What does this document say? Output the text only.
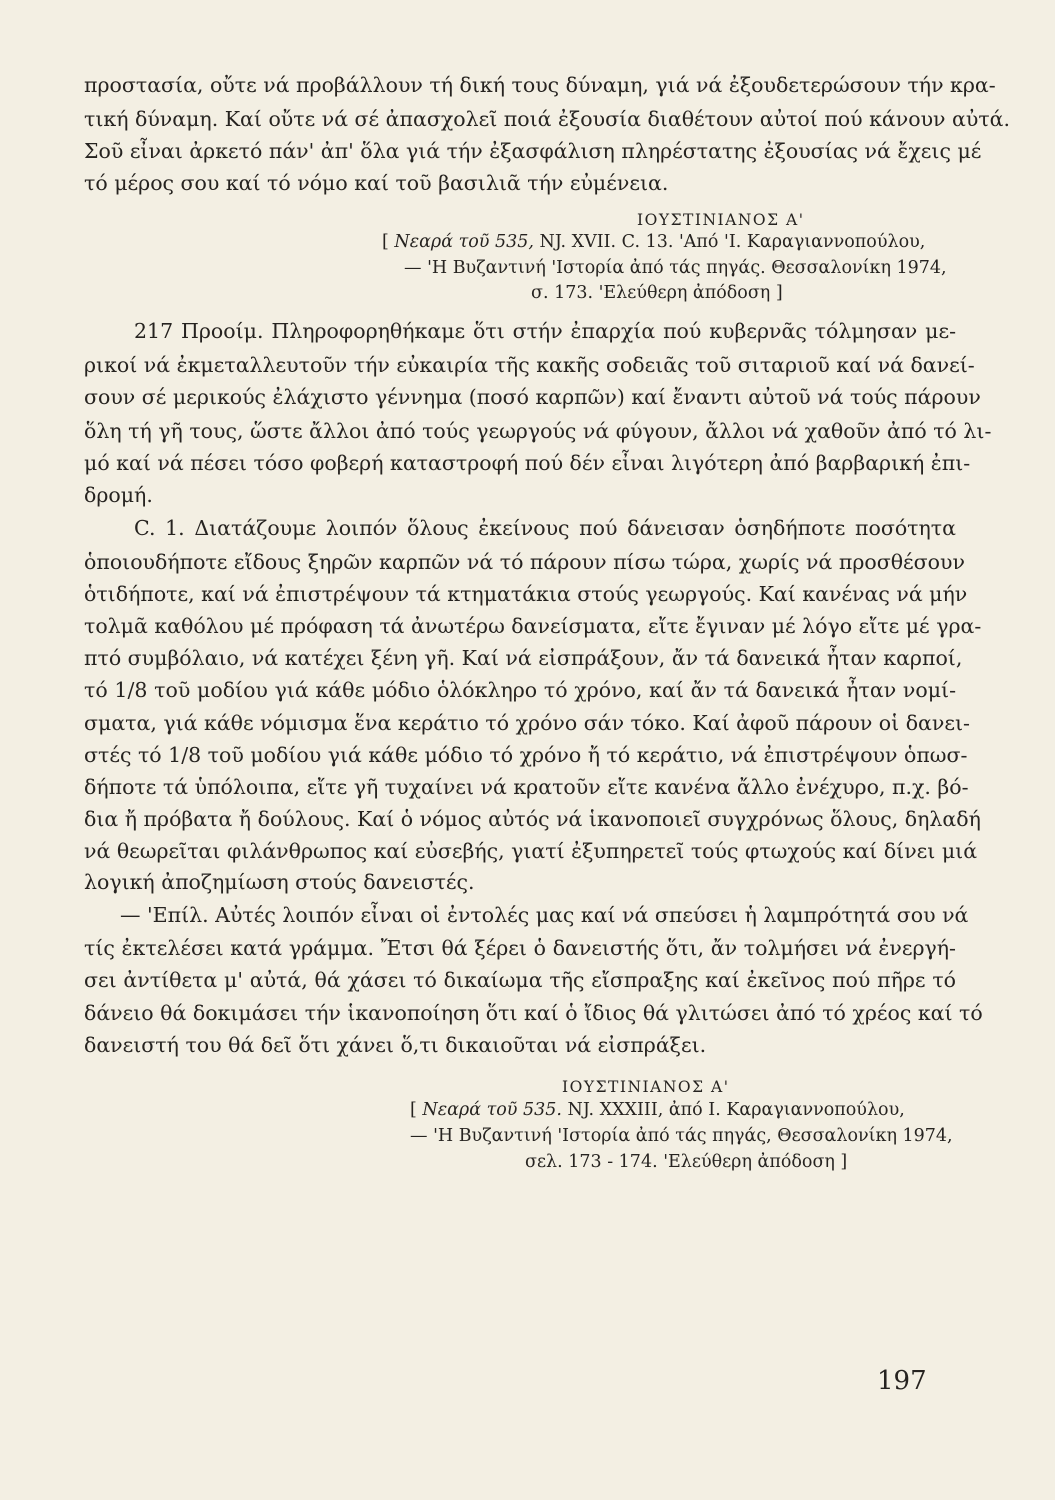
προστασία, οὔτε νά προβάλλουν τή δική τους δύναμη, γιά νά ἐξουδετερώσουν τήν κρα-
τική δύναμη. Καί οὔτε νά σέ ἀπασχολεῖ ποιά ἐξουσία διαθέτουν αὐτοί πού κάνουν αὐτά.
Σοῦ εἶναι ἀρκετό πάν' ἀπ' ὅλα γιά τήν ἐξασφάλιση πληρέστατης ἐξουσίας νά ἔχεις μέ
τό μέρος σου καί τό νόμο καί τοῦ βασιλιᾶ τήν εὐμένεια.
ΙΟΥΣΤΙΝΙΑΝΟΣ Α'
[ Νεαρά τοῦ 535, ΝJ. XVII. C. 13. 'Από 'Ι. Καραγιαννοπούλου,
— 'Η Βυζαντινή 'Ιστορία ἀπό τάς πηγάς. Θεσσαλονίκη 1974,
σ. 173. 'Ελεύθερη ἀπόδοση ]
217 Προοίμ. Πληροφορηθήκαμε ὅτι στήν ἐπαρχία πού κυβερνᾶς τόλμησαν με-
ρικοί νά ἐκμεταλλευτοῦν τήν εὐκαιρία τῆς κακῆς σοδειᾶς τοῦ σιταριοῦ καί νά δανεί-
σουν σέ μερικούς ἐλάχιστο γέννημα (ποσό καρπῶν) καί ἔναντι αὐτοῦ νά τούς πάρουν
ὅλη τή γῆ τους, ὥστε ἄλλοι ἀπό τούς γεωργούς νά φύγουν, ἄλλοι νά χαθοῦν ἀπό τό λι-
μό καί νά πέσει τόσο φοβερή καταστροφή πού δέν εἶναι λιγότερη ἀπό βαρβαρική ἐπι-
δρομή.
C. 1. Διατάζουμε λοιπόν ὅλους ἐκείνους πού δάνεισαν ὁσηδήποτε ποσότητα
ὁποιουδήποτε εἴδους ξηρῶν καρπῶν νά τό πάρουν πίσω τώρα, χωρίς νά προσθέσουν
ὁτιδήποτε, καί νά ἐπιστρέψουν τά κτηματάκια στούς γεωργούς. Καί κανένας νά μήν
τολμᾶ καθόλου μέ πρόφαση τά ἀνωτέρω δανείσματα, εἴτε ἔγιναν μέ λόγο εἴτε μέ γρα-
πτό συμβόλαιο, νά κατέχει ξένη γῆ. Καί νά εἰσπράξουν, ἄν τά δανεικά ἦταν καρποί,
τό 1/8 τοῦ μοδίου γιά κάθε μόδιο ὁλόκληρο τό χρόνο, καί ἄν τά δανεικά ἦταν νομί-
σματα, γιά κάθε νόμισμα ἕνα κεράτιο τό χρόνο σάν τόκο. Καί ἀφοῦ πάρουν οἱ δανει-
στές τό 1/8 τοῦ μοδίου γιά κάθε μόδιο τό χρόνο ἤ τό κεράτιο, νά ἐπιστρέψουν ὁπωσ-
δήποτε τά ὑπόλοιπα, εἴτε γῆ τυχαίνει νά κρατοῦν εἴτε κανένα ἄλλο ἐνέχυρο, π.χ. βό-
δια ἤ πρόβατα ἤ δούλους. Καί ὁ νόμος αὐτός νά ἱκανοποιεῖ συγχρόνως ὅλους, δηλαδή
νά θεωρεῖται φιλάνθρωπος καί εὐσεβής, γιατί ἐξυπηρετεῖ τούς φτωχούς καί δίνει μιά
λογική ἀποζημίωση στούς δανειστές.
— 'Επίλ. Αὐτές λοιπόν εἶναι οἱ ἐντολές μας καί νά σπεύσει ἡ λαμπρότητά σου νά
τίς ἐκτελέσει κατά γράμμα. Ἔτσι θά ξέρει ὁ δανειστής ὅτι, ἄν τολμήσει νά ἐνεργή-
σει ἀντίθετα μ' αὐτά, θά χάσει τό δικαίωμα τῆς εἴσπραξης καί ἐκεῖνος πού πῆρε τό
δάνειο θά δοκιμάσει τήν ἱκανοποίηση ὅτι καί ὁ ἴδιος θά γλιτώσει ἀπό τό χρέος καί τό
δανειστή του θά δεῖ ὅτι χάνει ὅ,τι δικαιοῦται νά εἰσπράξει.
ΙΟΥΣΤΙΝΙΑΝΟΣ Α'
[ Νεαρά τοῦ 535. ΝJ. XXXIII, ἀπό Ι. Καραγιαννοπούλου,
— 'Η Βυζαντινή 'Ιστορία ἀπό τάς πηγάς, Θεσσαλονίκη 1974,
σελ. 173 - 174. 'Ελεύθερη ἀπόδοση ]
197
